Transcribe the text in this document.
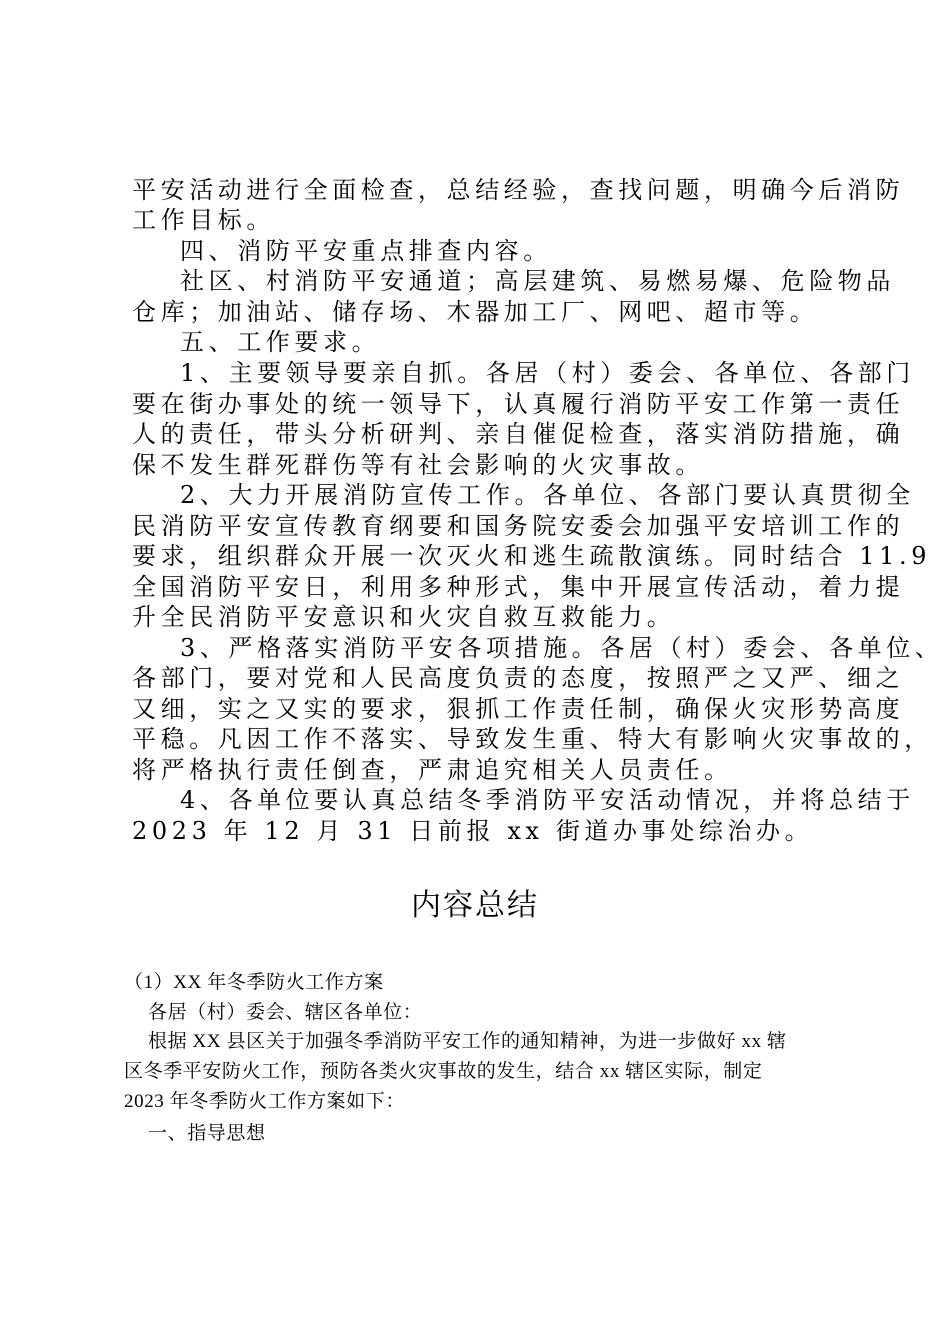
平安活动进行全面检查，总结经验，查找问题，明确今后消防
工作目标。
四、消防平安重点排查内容。
社区、村消防平安通道；高层建筑、易燃易爆、危险物品
仓库；加油站、储存场、木器加工厂、网吧、超市等。
五、工作要求。
1、主要领导要亲自抓。各居（村）委会、各单位、各部门
要在街办事处的统一领导下，认真履行消防平安工作第一责任
人的责任，带头分析研判、亲自催促检查，落实消防措施，确
保不发生群死群伤等有社会影响的火灾事故。
2、大力开展消防宣传工作。各单位、各部门要认真贯彻全
民消防平安宣传教育纲要和国务院安委会加强平安培训工作的
要求，组织群众开展一次灭火和逃生疏散演练。同时结合 11.9
全国消防平安日，利用多种形式，集中开展宣传活动，着力提
升全民消防平安意识和火灾自救互救能力。
3、严格落实消防平安各项措施。各居（村）委会、各单位、
各部门，要对党和人民高度负责的态度，按照严之又严、细之
又细，实之又实的要求，狠抓工作责任制，确保火灾形势高度
平稳。凡因工作不落实、导致发生重、特大有影响火灾事故的，
将严格执行责任倒查，严肃追究相关人员责任。
4、各单位要认真总结冬季消防平安活动情况，并将总结于
2023 年 12 月 31 日前报 xx 街道办事处综治办。
内容总结
（1）XX 年冬季防火工作方案
各居（村）委会、辖区各单位：
根据 XX 县区关于加强冬季消防平安工作的通知精神，为进一步做好 xx 辖
区冬季平安防火工作，预防各类火灾事故的发生，结合 xx 辖区实际，制定
2023 年冬季防火工作方案如下：
一、指导思想
